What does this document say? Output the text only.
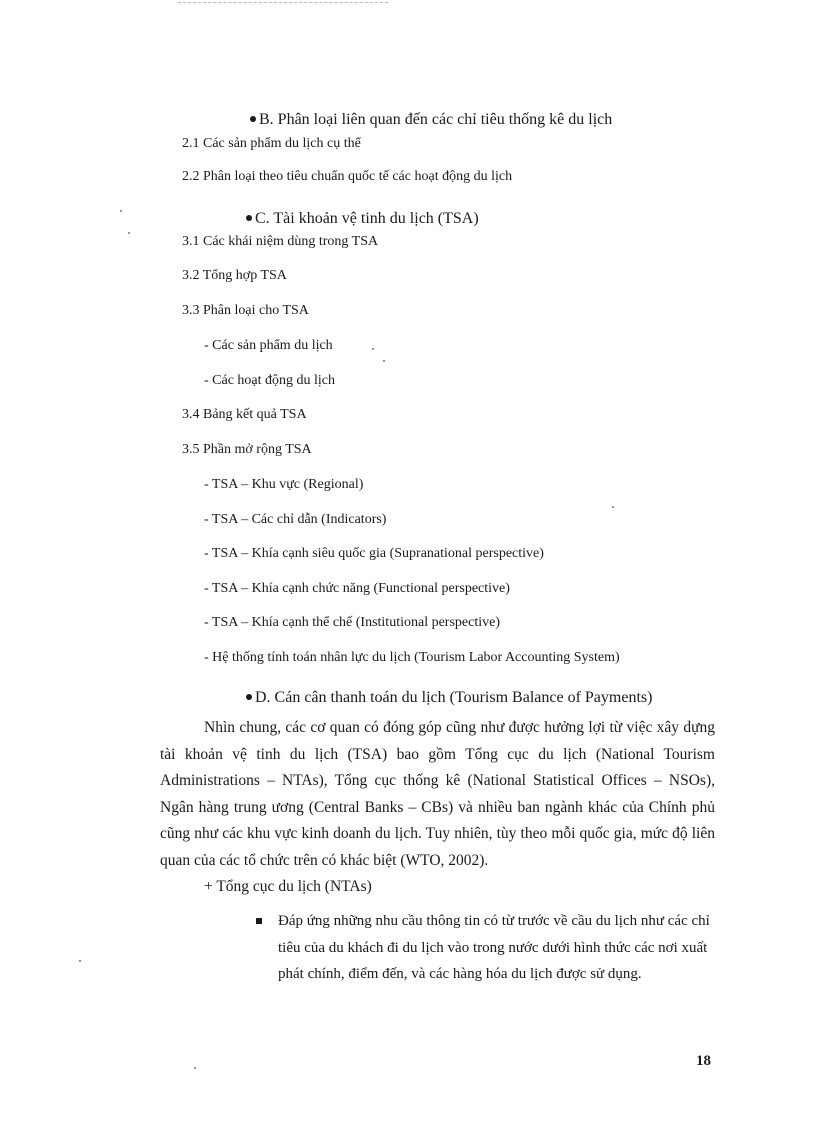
B. Phân loại liên quan đến các chỉ tiêu thống kê du lịch
2.1 Các sản phẩm du lịch cụ thể
2.2 Phân loại theo tiêu chuẩn quốc tế các hoạt động du lịch
C. Tài khoản vệ tinh du lịch (TSA)
3.1 Các khái niệm dùng trong TSA
3.2 Tổng hợp TSA
3.3 Phân loại cho TSA
- Các sản phẩm du lịch
- Các hoạt động du lịch
3.4 Bảng kết quả TSA
3.5 Phần mở rộng TSA
- TSA – Khu vực (Regional)
- TSA – Các chỉ dẫn (Indicators)
- TSA – Khía cạnh siêu quốc gia (Supranational perspective)
- TSA – Khía cạnh chức năng (Functional perspective)
- TSA – Khía cạnh thể chế (Institutional perspective)
- Hệ thống tính toán nhân lực du lịch (Tourism Labor Accounting System)
D. Cán cân thanh toán du lịch (Tourism Balance of Payments)
Nhìn chung, các cơ quan có đóng góp cũng như được hưởng lợi từ việc xây dựng tài khoản vệ tinh du lịch (TSA) bao gồm Tổng cục du lịch (National Tourism Administrations – NTAs), Tổng cục thống kê (National Statistical Offices – NSOs), Ngân hàng trung ương (Central Banks – CBs) và nhiều ban ngành khác của Chính phủ cũng như các khu vực kinh doanh du lịch. Tuy nhiên, tùy theo mỗi quốc gia, mức độ liên quan của các tổ chức trên có khác biệt (WTO, 2002).
+ Tổng cục du lịch (NTAs)
Đáp ứng những nhu cầu thông tin có từ trước về cầu du lịch như các chỉ tiêu của du khách đi du lịch vào trong nước dưới hình thức các nơi xuất phát chính, điểm đến, và các hàng hóa du lịch được sử dụng.
18
